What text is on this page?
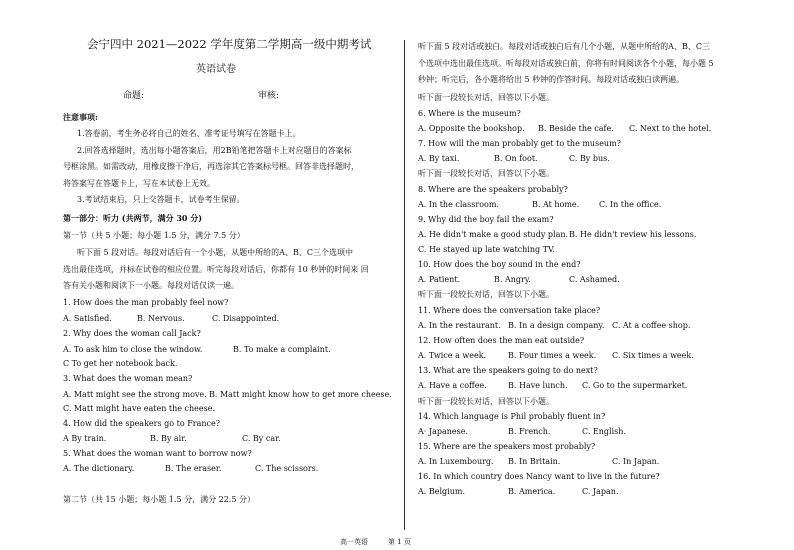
会宁四中 2021—2022 学年度第二学期高一级中期考试
英语试卷
命题:	审核:
注意事项:
1.答卷前，考生务必将自己的姓名、准考证号填写在答题卡上。
2.回答选择题时，选出每小题答案后，用2B铅笔把答题卡上对应题目的答案标
号框涂黑。如需改动，用橡皮擦干净后，再选涂其它答案标号框。回答非选择题时，
将答案写在答题卡上，写在本试卷上无效。
3.考试结束后，只上交答题卡，试卷考生保留。
第一部分：听力 (共两节，满分 30 分)
第一节（共 5 小题；每小题 1.5 分，满分 7.5 分）
听下面 5 段对话。每段对话后有一个小题，从题中所给的A、B、C三个选项中
选出最佳选项，并标在试卷的相应位置。听完每段对话后，你都有 10 秒钟的时间来 回
答有关小题和阅读下一小题。每段对话仅读一遍。
1. How does the man probably feel now?
A. Satisfied.	B. Nervous.	C. Disappointed.
2. Why does the woman call Jack?
A. To ask him to close the window.	B. To make a complaint.
C To get her notebook back.
3. What does the woman mean?
A. Matt might see the strong move. B. Matt might know how to get more cheese.
C. Matt might have eaten the cheese.
4. How did the speakers go to France?
A By train.	B. By air.	C. By car.
5. What does the woman want to borrow now?
A. The dictionary.	B. The eraser.	C. The scissors.
第二节（共 15 小题；每小题 1.5 分，满分 22.5 分）
听下面 5 段对话或独白。每段对话或独白后有几个小题，从题中所给的A、B、C三
个选项中选出最佳选项。听每段对话或独白前，你将有时间阅读各个小题，每小题 5
秒钟；听完后，各小题将给出 5 秒钟的作答时间。每段对话或独白读两遍。
听下面一段较长对话，回答以下小题。
6. Where is the museum?
A. Opposite the bookshop. B. Beside the cafe. C. Next to the hotel.
7. How will the man probably get to the museum?
A. By taxi.	B. On foot.	C. By bus.
听下面一段较长对话，回答以下小题。
8. Where are the speakers probably?
A. In the classroom.	B. At home. C. In the office.
9. Why did the boy fail the exam?
A. He didn't make a good study plan. B. He didn't review his lessons.
C. He stayed up late watching TV.
10. How does the boy sound in the end?
A. Patient.	B. Angry.	C. Ashamed.
听下面一段较长对话，回答以下小题。
11. Where does the conversation take place?
A. In the restaurant. B. In a design company. C. At a coffee shop.
12. How often does the man eat outside?
A. Twice a week.	B. Four times a week. C. Six times a week.
13. What are the speakers going to do next?
A. Have a coffee.	B. Have lunch. C. Go to the supermarket.
听下面一段较长对话，回答以下小题。
14. Which language is Phil probably fluent in?
A· Japanese.	B. French.	C. English.
15. Where are the speakers most probably?
A. In Luxembourg. B. In Britain.	C. In Japan.
16. In which country does Nancy want to live in the future?
A. Belgium.	B. America.	C. Japan.
高一英语	第 1 页
